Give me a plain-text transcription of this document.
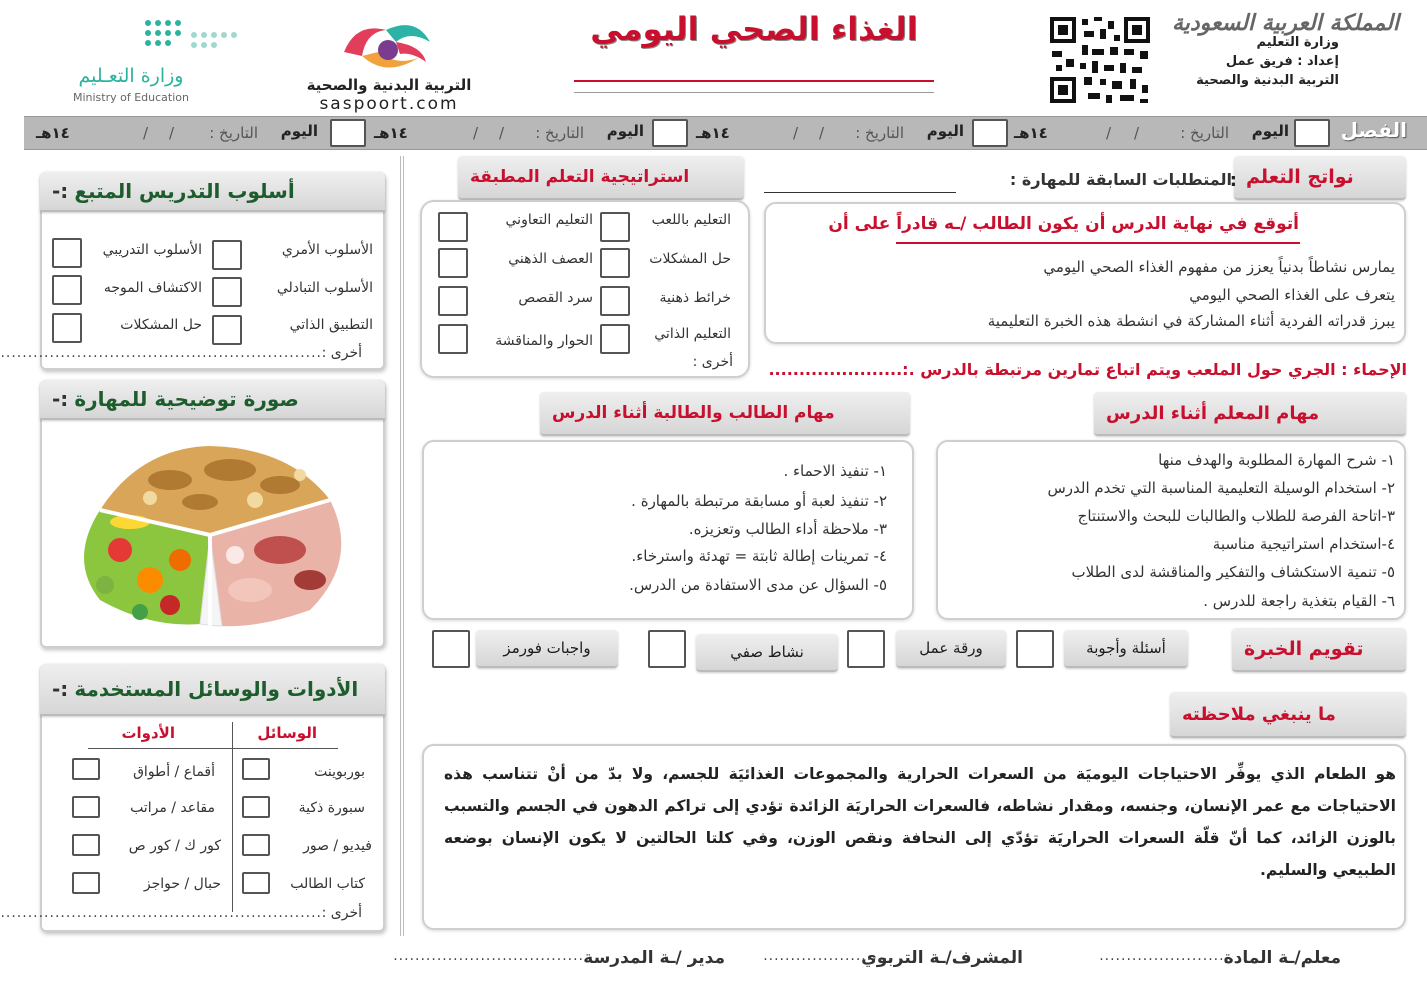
المملكة العربية السعودية
وزارة التعليم
إعداد : فريق عمل
التربية البدنية والصحية
الغذاء الصحي اليومي
التربية البدنية والصحية
saspoort.com
وزارة التعـليم
Ministry of Education
الفصل
اليوم
التاريخ :
/
/
١٤هـ
اليوم
التاريخ :
/
/
١٤هـ
اليوم
التاريخ :
/
/
١٤هـ
اليوم
التاريخ :
/
/
١٤هـ
أسلوب التدريس المتبع
:-
الأسلوب الأمري
الأسلوب التبادلي
التطبيق الذاتي
الأسلوب التدريبي
الاكتشاف الموجه
حل المشكلات
أخرى :
...........................................................
صورة توضيحية للمهارة
:-
الأدوات والوسائل المستخدمة
:-
الوسائل
الأدوات
بوربوينت
سبورة ذكية
فيديو / صور
كتاب الطالب
أقماع / أطواق
مقاعد / مراتب
كور ك / كور ص
حبال / حواجز
أخرى :
...........................................................
نواتج التعلم
:
المتطلبات السابقة للمهارة :
استراتيجية التعلم المطبقة
أتوقع في نهاية الدرس أن يكون الطالب /ـه قادراً على أن
يمارس نشاطاً بدنياً يعزز من مفهوم الغذاء الصحي اليومي
يتعرف على الغذاء الصحي اليومي
يبرز قدراته الفردية أثناء المشاركة في انشطة هذه الخبرة التعليمية
التعليم باللعب
حل المشكلات
خرائط ذهنية
التعليم الذاتي
أخرى :
التعليم التعاوني
العصف الذهني
سرد القصص
الحوار والمناقشة
الإحماء : الجري حول الملعب ويتم اتباع تمارين مرتبطة بالدرس .:......................
مهام المعلم أثناء الدرس
مهام الطالب والطالبة أثناء الدرس
١- شرح المهارة المطلوبة والهدف منها
٢- استخدام الوسيلة التعليمية المناسبة التي تخدم الدرس
٣-اتاحة الفرصة للطلاب والطالبات للبحث والاستنتاج
٤-استخدام استراتيجية مناسبة
٥- تنمية الاستكشاف والتفكير والمناقشة لدى الطلاب
٦- القيام بتغذية راجعة للدرس .
١- تنفيذ الاحماء .
٢- تنفيذ لعبة أو مسابقة مرتبطة بالمهارة .
٣- ملاحظة أداء الطالب وتعزيزه.
٤- تمرينات إطالة ثابتة = تهدئة واسترخاء.
٥- السؤال عن مدى الاستفادة من الدرس.
تقويم الخبرة
أسئلة وأجوبة
ورقة عمل
نشاط صفي
واجبات فورمز
ما ينبغي ملاحظته
هو الطعام الذي يوفِّر الاحتياجات اليوميَة من السعرات الحرارية والمجموعات الغذائيَة للجسم، ولا بدّ من أنْ تتناسب هذه الاحتياجات مع عمر الإنسان، وجنسه، ومقدار نشاطه، فالسعرات الحراريَة الزائدة تؤدي إلى تراكم الدهون في الجسم والتسبب بالوزن الزائد، كما أنّ قلّة السعرات الحراريَة تؤدّي إلى النحافة ونقص الوزن، وفي كلتا الحالتين لا يكون الإنسان بوضعه الطبيعي والسليم.
معلم/ـة المادة
........................
المشرف/ـة التربوي
........................
مدير /ـة المدرسة
...................................
